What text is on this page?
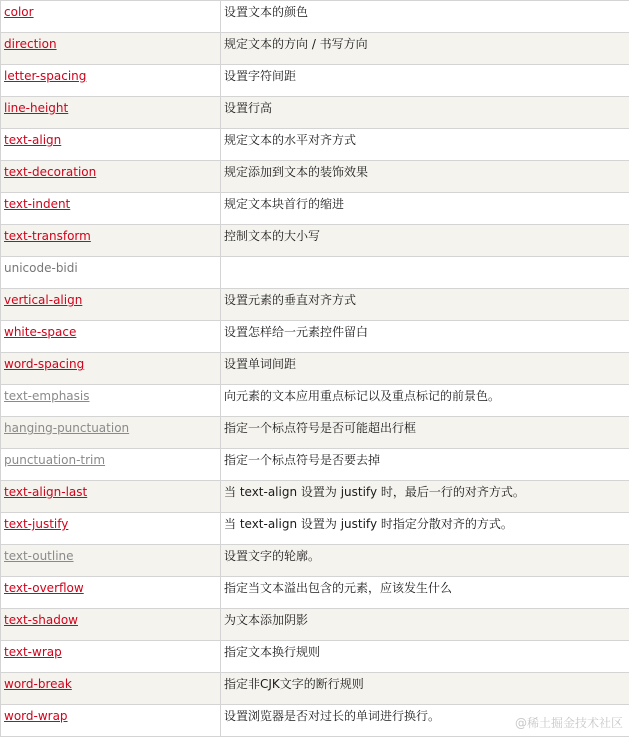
color	设置文本的颜色
direction	规定文本的方向 / 书写方向
letter-spacing	设置字符间距
line-height	设置行高
text-align	规定文本的水平对齐方式
text-decoration	规定添加到文本的装饰效果
text-indent	规定文本块首行的缩进
text-transform	控制文本的大小写
unicode-bidi	
vertical-align	设置元素的垂直对齐方式
white-space	设置怎样给一元素控件留白
word-spacing	设置单词间距
text-emphasis	向元素的文本应用重点标记以及重点标记的前景色。
hanging-punctuation	指定一个标点符号是否可能超出行框
punctuation-trim	指定一个标点符号是否要去掉
text-align-last	当 text-align 设置为 justify 时，最后一行的对齐方式。
text-justify	当 text-align 设置为 justify 时指定分散对齐的方式。
text-outline	设置文字的轮廓。
text-overflow	指定当文本溢出包含的元素，应该发生什么
text-shadow	为文本添加阴影
text-wrap	指定文本换行规则
word-break	指定非CJK文字的断行规则
word-wrap	设置浏览器是否对过长的单词进行换行。	@稀土掘金技术社区
